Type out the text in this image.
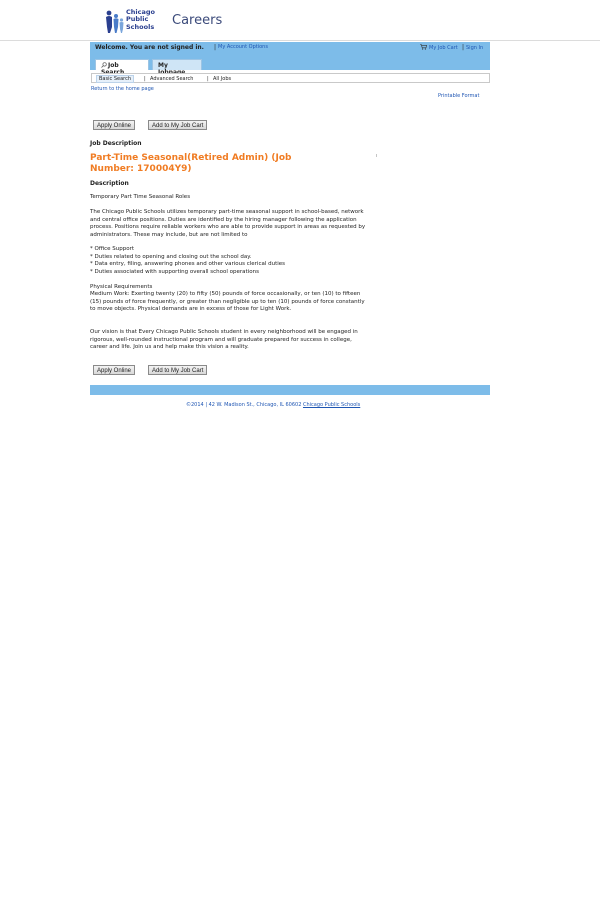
Chicago
Public
Schools Careers
Welcome. You are not signed in. | My Account Options	My Job Cart | Sign In
Job	My
Basic Search	| Advanced Search	| All Jobs
Return to the home page
Printable Format
Apply Online	Add to My Job Cart
Job Description
Part-Time Seasonal(Retired Admin) (Job
Number: 170004Y9)
Description
Temporary Part Time Seasonal Roles
The Chicago Public Schools utilizes temporary part-time seasonal support in school-based, network and central office positions. Duties are identified by the hiring manager following the application process. Positions require reliable workers who are able to provide support in areas as requested by administrators. These may include, but are not limited to
* Office Support
* Duties related to opening and closing out the school day.
* Data entry, filing, answering phones and other various clerical duties
* Duties associated with supporting overall school operations
Physical Requirements
Medium Work: Exerting twenty (20) to fifty (50) pounds of force occasionally, or ten (10) to fifteen (15) pounds of force frequently, or greater than negligible up to ten (10) pounds of force constantly to move objects. Physical demands are in excess of those for Light Work.
Our vision is that Every Chicago Public Schools student in every neighborhood will be engaged in rigorous, well-rounded instructional program and will graduate prepared for success in college, career and life. Join us and help make this vision a reality.
Apply Online	Add to My Job Cart
©2014 | 42 W. Madison St., Chicago, IL 60602 Chicago Public Schools
